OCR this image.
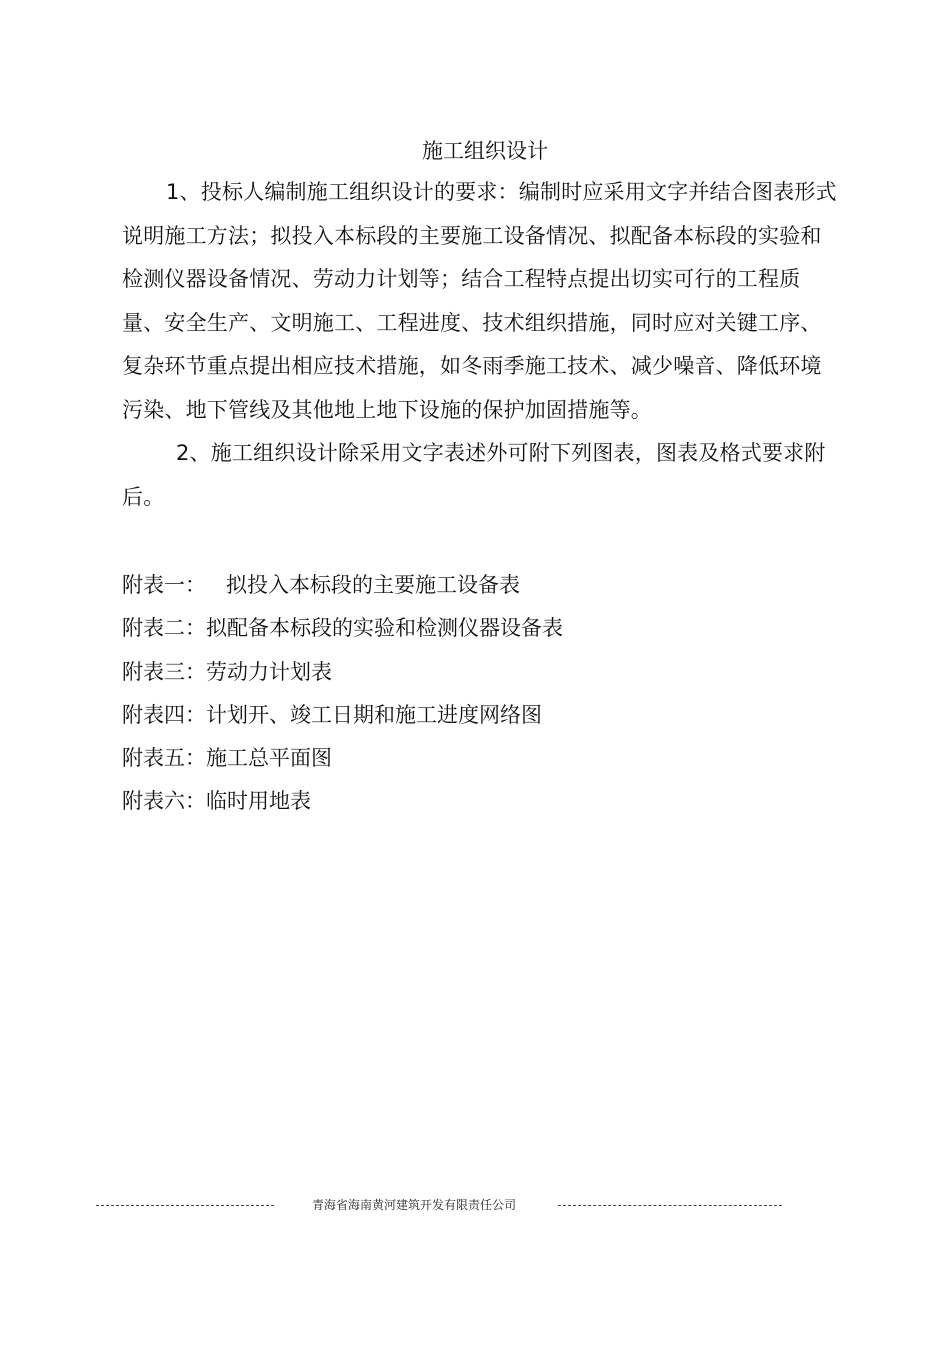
施工组织设计

1、投标人编制施工组织设计的要求：编制时应采用文字并结合图表形式说明施工方法；拟投入本标段的主要施工设备情况、拟配备本标段的实验和检测仪器设备情况、劳动力计划等；结合工程特点提出切实可行的工程质量、安全生产、文明施工、工程进度、技术组织措施，同时应对关键工序、复杂环节重点提出相应技术措施，如冬雨季施工技术、减少噪音、降低环境污染、地下管线及其他地上地下设施的保护加固措施等。

2、施工组织设计除采用文字表述外可附下列图表，图表及格式要求附后。

附表一： 拟投入本标段的主要施工设备表
附表二：拟配备本标段的实验和检测仪器设备表
附表三：劳动力计划表
附表四：计划开、竣工日期和施工进度网络图
附表五：施工总平面图
附表六：临时用地表
青海省海南黄河建筑开发有限责任公司
